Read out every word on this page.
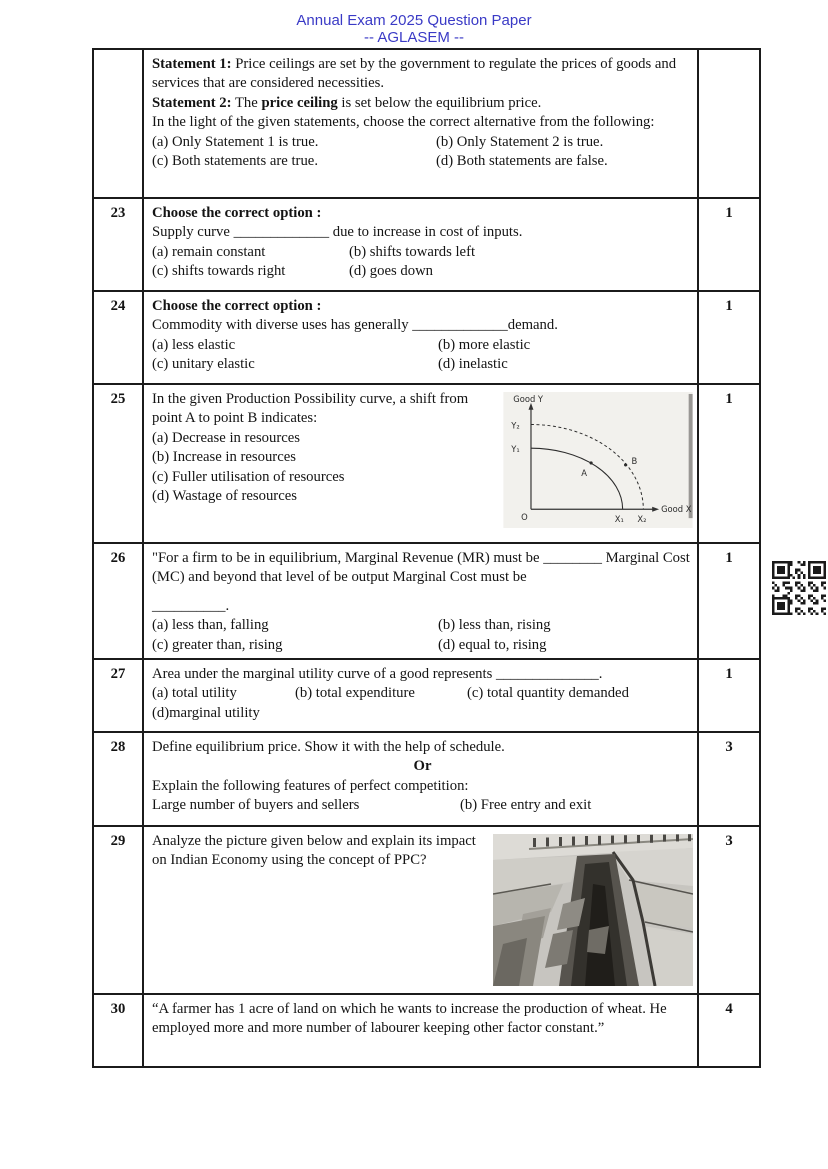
Annual Exam 2025 Question Paper
-- AGLASEM --

	Statement 1: Price ceilings are set by the government to regulate the prices of goods and services that are considered necessities.
Statement 2: The price ceiling is set below the equilibrium price.
In the light of the given statements, choose the correct alternative from the following:
(a) Only Statement 1 is true. (b) Only Statement 2 is true.
(c) Both statements are true. (d) Both statements are false.	

23	Choose the correct option :
Supply curve _____________ due to increase in cost of inputs.
(a) remain constant (b) shifts towards left
(c) shifts towards right (d) goes down	1
24	Choose the correct option :
Commodity with diverse uses has generally _____________demand.
(a) less elastic (b) more elastic
(c) unitary elastic (d) inelastic	1
25	Good Y
Good X
Y₂
Y₁
X₁ X₂
A
B
O
In the given Production Possibility curve, a shift from point A to point B indicates:
(a) Decrease in resources
(b) Increase in resources
(c) Fuller utilisation of resources
(d) Wastage of resources
	1
26	"For a firm to be in equilibrium, Marginal Revenue (MR) must be ________ Marginal Cost (MC) and beyond that level of be output Marginal Cost must be
__________.
(a) less than, falling (b) less than, rising
(c) greater than, rising (d) equal to, rising	1
27	Area under the marginal utility curve of a good represents ______________.
(a) total utility (b) total expenditure (c) total quantity demanded
(d)marginal utility	1
28	Define equilibrium price. Show it with the help of schedule.
Or
Explain the following features of perfect competition:
Large number of buyers and sellers (b) Free entry and exit	3
29	Analyze the picture given below and explain its impact on Indian Economy using the concept of PPC?	3
30	“A farmer has 1 acre of land on which he wants to increase the production of wheat. He employed more and more number of labourer keeping other factor constant.”	4
